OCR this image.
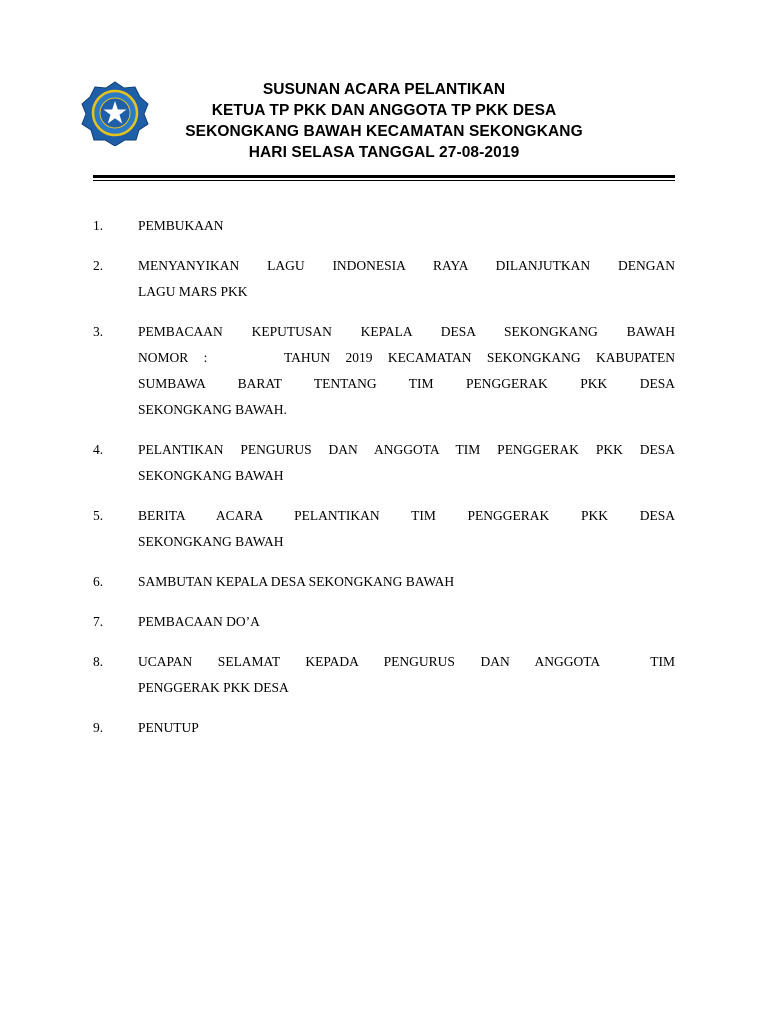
SUSUNAN ACARA PELANTIKAN
KETUA TP PKK DAN ANGGOTA TP PKK DESA
SEKONGKANG BAWAH KECAMATAN SEKONGKANG
HARI SELASA TANGGAL 27-08-2019
1.	PEMBUKAAN
2.	MENYANYIKAN LAGU INDONESIA RAYA DILANJUTKAN DENGAN
LAGU MARS PKK
3.	PEMBACAAN KEPUTUSAN KEPALA DESA SEKONGKANG BAWAH
NOMOR :     TAHUN 2019 KECAMATAN SEKONGKANG KABUPATEN
SUMBAWA BARAT TENTANG TIM PENGGERAK PKK DESA
SEKONGKANG BAWAH.
4.	PELANTIKAN PENGURUS DAN ANGGOTA TIM PENGGERAK PKK DESA
SEKONGKANG BAWAH
5.	BERITA ACARA PELANTIKAN TIM PENGGERAK PKK DESA
SEKONGKANG BAWAH
6.	SAMBUTAN KEPALA DESA SEKONGKANG BAWAH
7.	PEMBACAAN DO’A
8.	UCAPAN SELAMAT KEPADA PENGURUS DAN ANGGOTA  TIM
PENGGERAK PKK DESA
9.	PENUTUP
